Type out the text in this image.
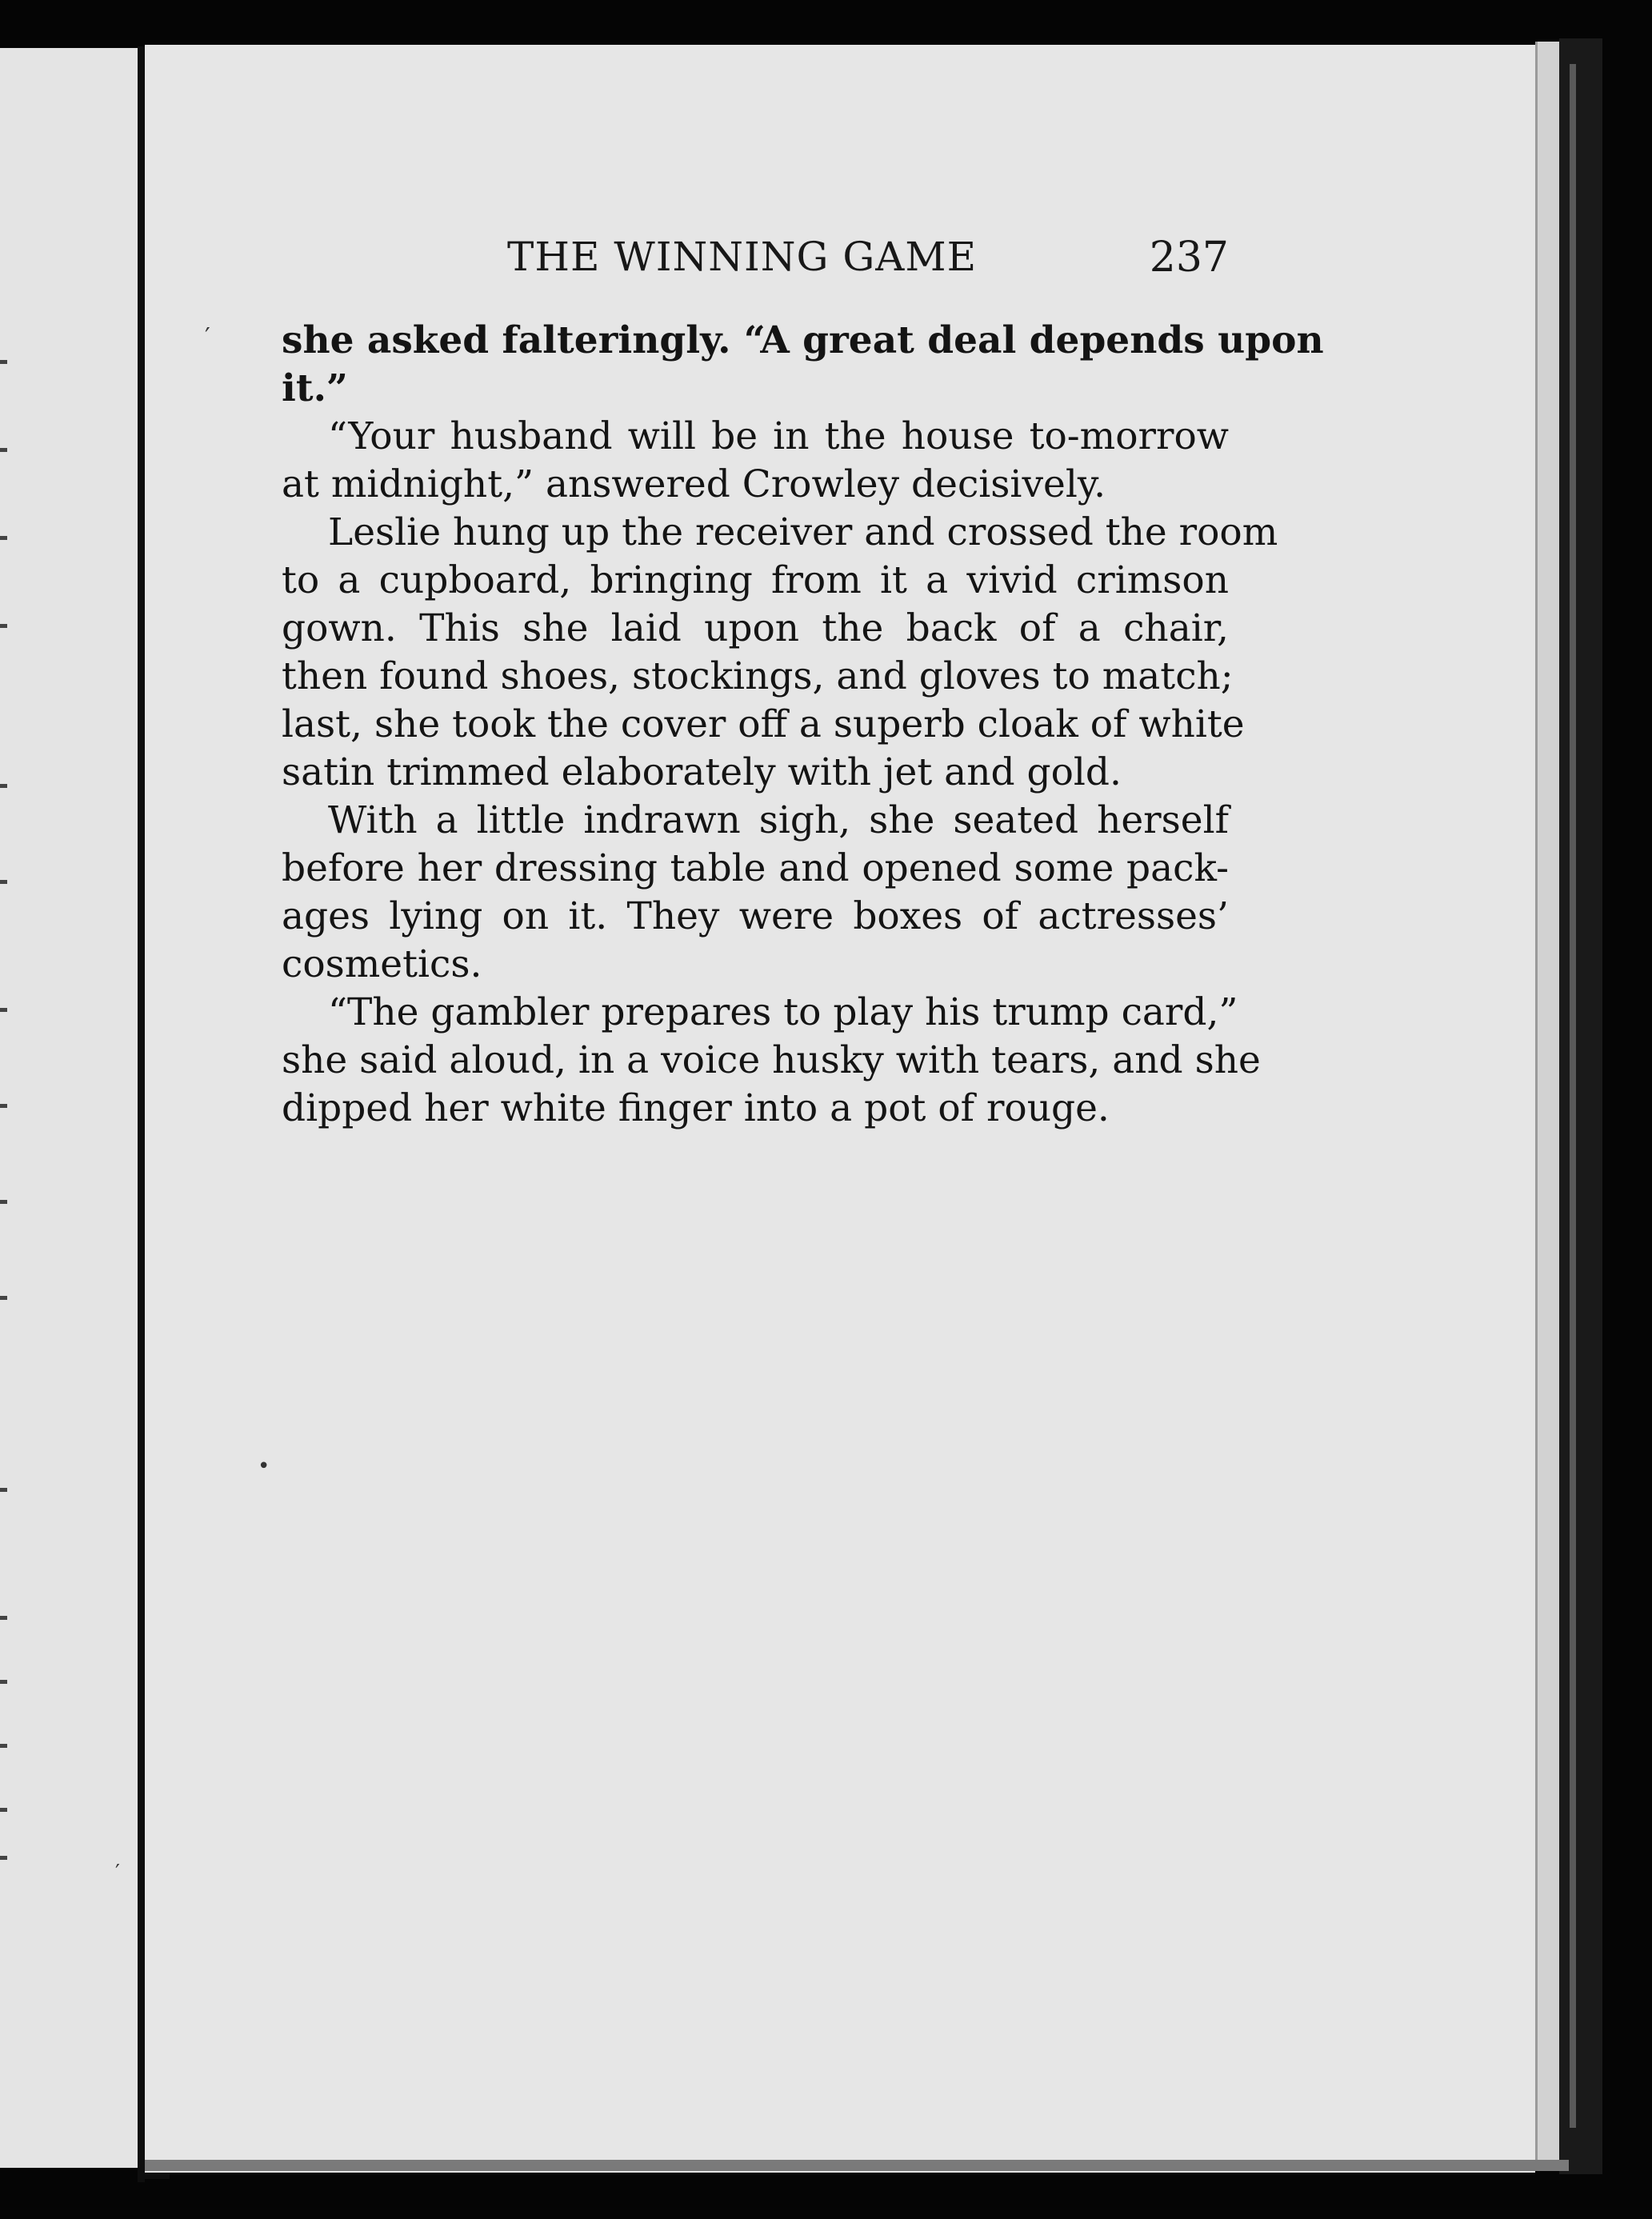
′
•
′
THE WINNING GAME	237
she asked falteringly. “A great deal depends upon
it.”
“Your husband will be in the house to-morrow
at midnight,” answered Crowley decisively.
Leslie hung up the receiver and crossed the room
to a cupboard, bringing from it a vivid crimson
gown. This she laid upon the back of a chair,
then found shoes, stockings, and gloves to match;
last, she took the cover off a superb cloak of white
satin trimmed elaborately with jet and gold.
With a little indrawn sigh, she seated herself
before her dressing table and opened some pack-
ages lying on it. They were boxes of actresses’
cosmetics.
“The gambler prepares to play his trump card,”
she said aloud, in a voice husky with tears, and she
dipped her white finger into a pot of rouge.
